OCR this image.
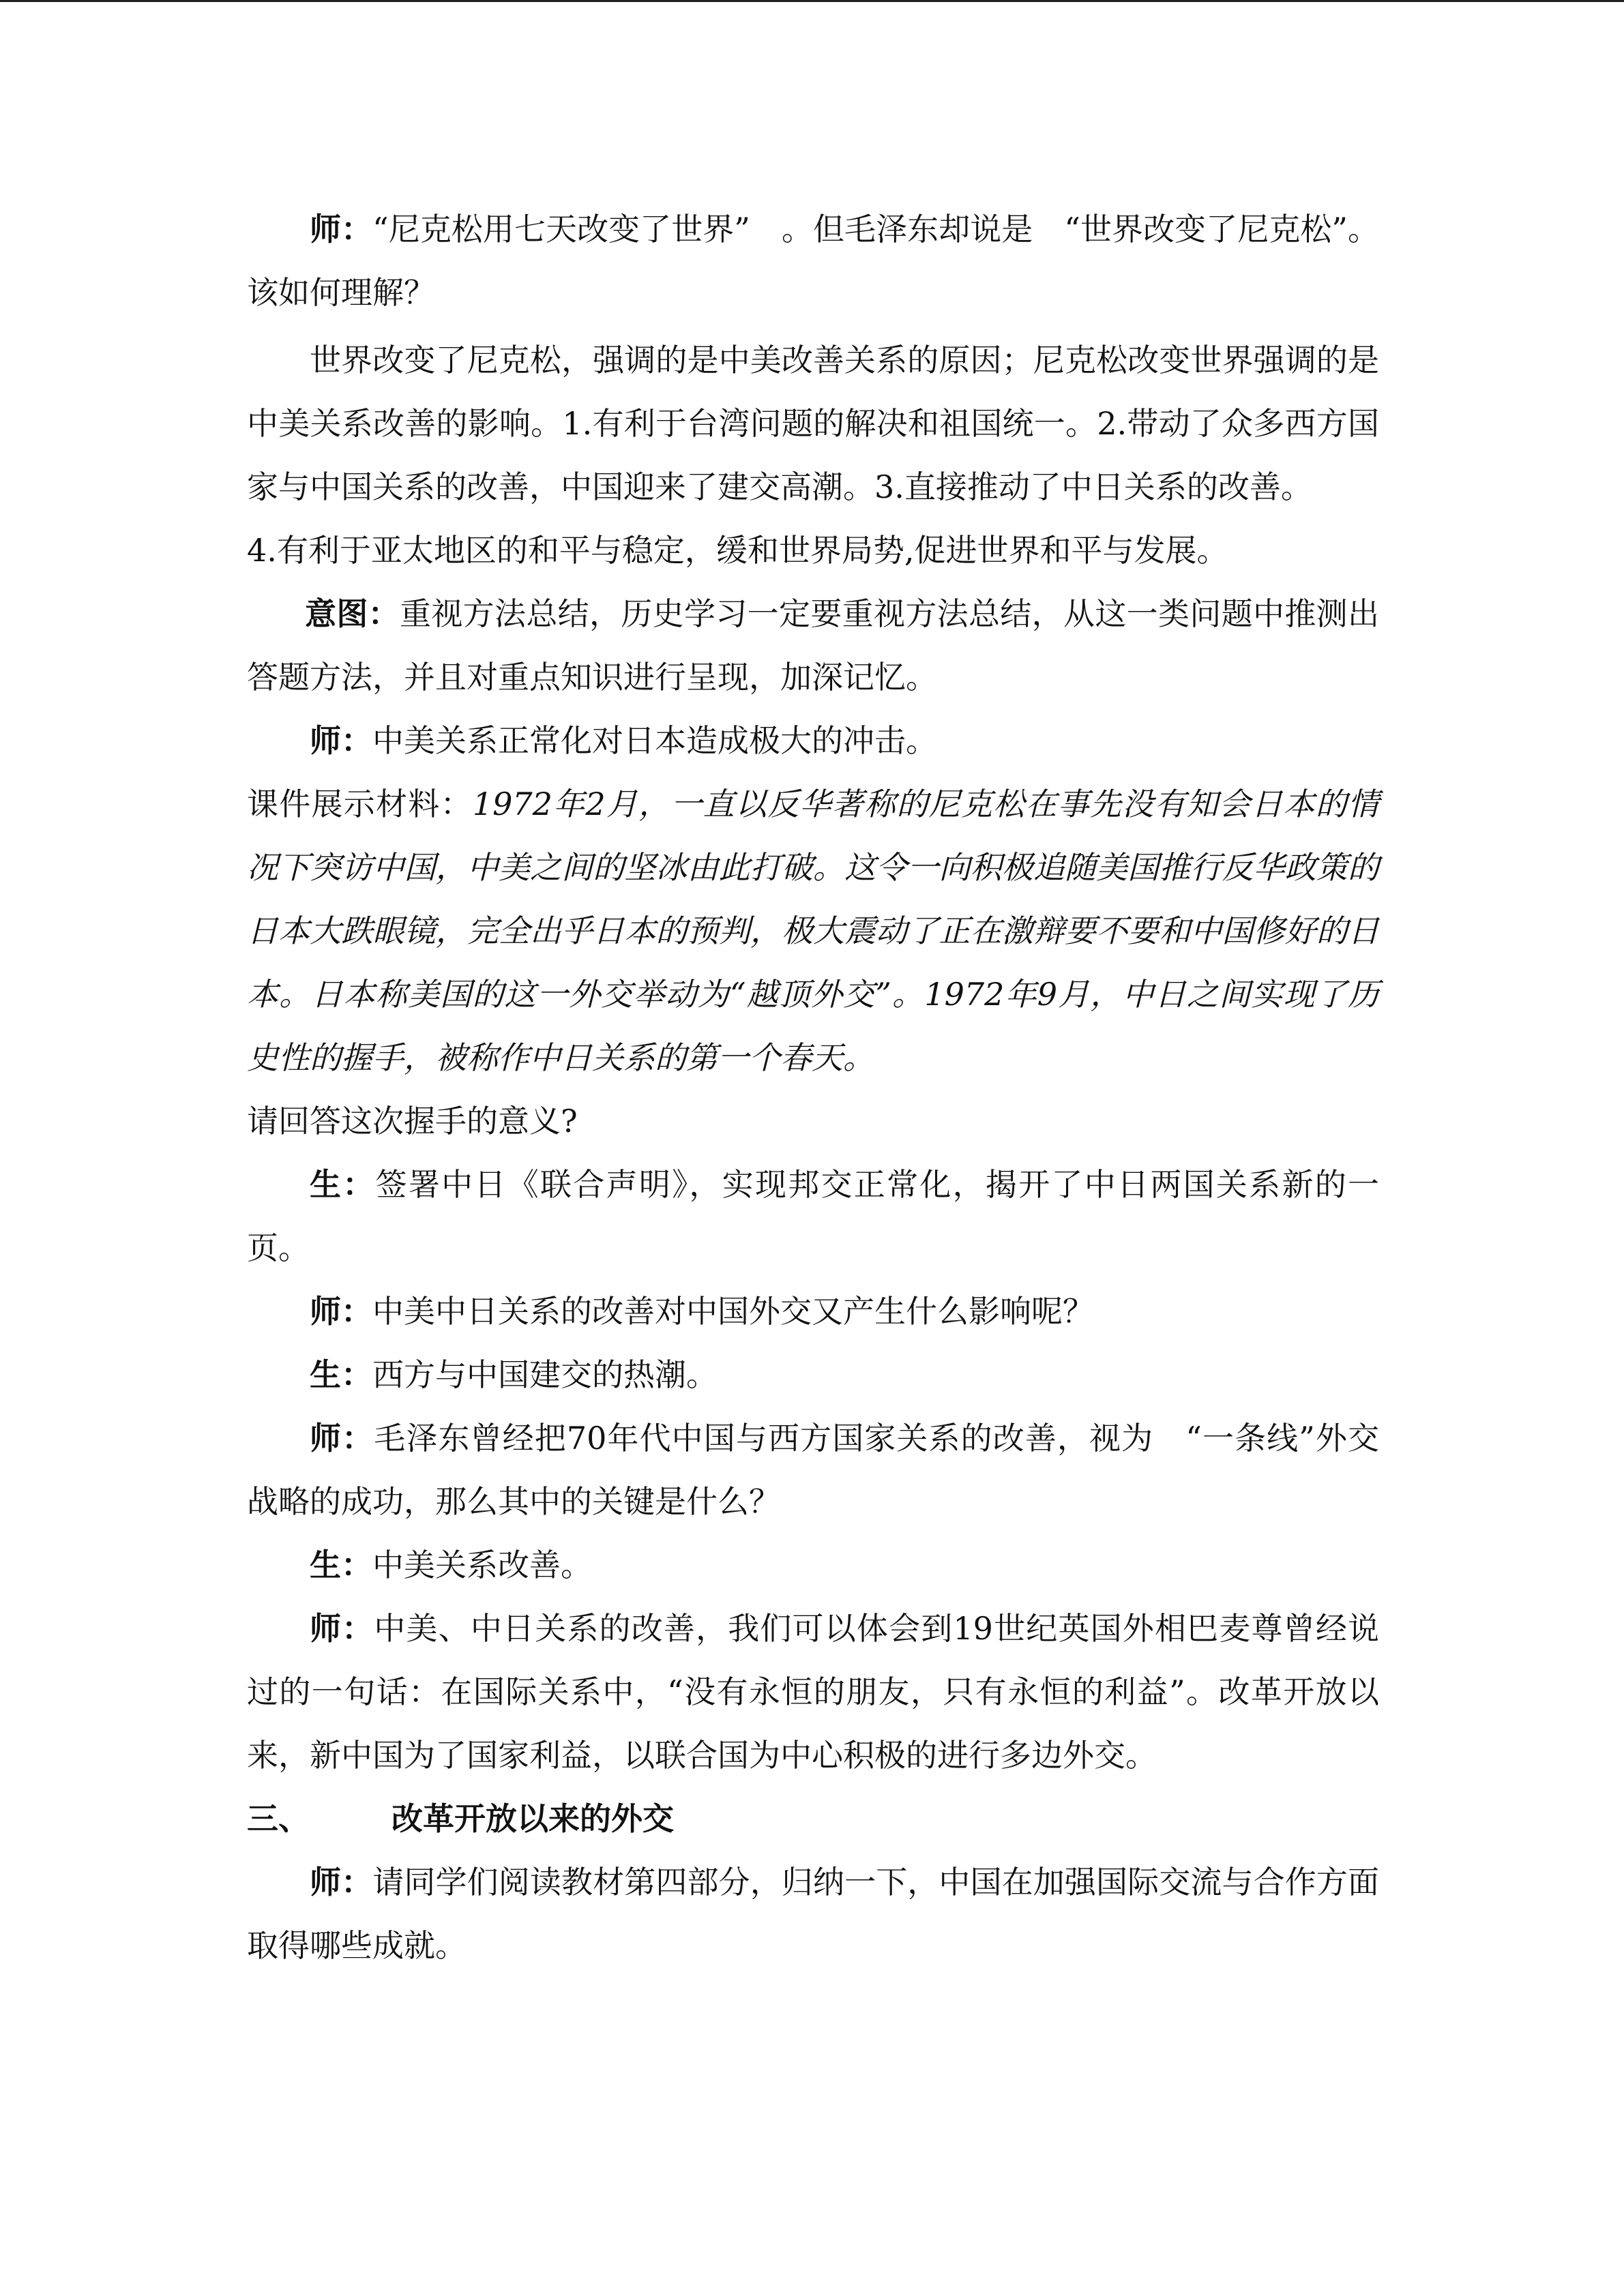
师：“尼克松用七天改变了世界”　。但毛泽东却说是　“世界改变了尼克松”。该如何理解？

世界改变了尼克松，强调的是中美改善关系的原因；尼克松改变世界强调的是中美关系改善的影响。1.有利于台湾问题的解决和祖国统一。2.带动了众多西方国家与中国关系的改善，中国迎来了建交高潮。3.直接推动了中日关系的改善。

4.有利于亚太地区的和平与稳定，缓和世界局势,促进世界和平与发展。

意图：重视方法总结，历史学习一定要重视方法总结，从这一类问题中推测出答题方法，并且对重点知识进行呈现，加深记忆。

师：中美关系正常化对日本造成极大的冲击。

课件展示材料：1972年2月，一直以反华著称的尼克松在事先没有知会日本的情况下突访中国，中美之间的坚冰由此打破。这令一向积极追随美国推行反华政策的日本大跌眼镜，完全出乎日本的预判，极大震动了正在激辩要不要和中国修好的日本。日本称美国的这一外交举动为“越顶外交”。1972年9月，中日之间实现了历史性的握手，被称作中日关系的第一个春天。

请回答这次握手的意义?

生：签署中日《联合声明》，实现邦交正常化，揭开了中日两国关系新的一页。

师：中美中日关系的改善对中国外交又产生什么影响呢？

生：西方与中国建交的热潮。

师：毛泽东曾经把70年代中国与西方国家关系的改善，视为　“一条线”外交战略的成功，那么其中的关键是什么？

生：中美关系改善。

师：中美、中日关系的改善，我们可以体会到19世纪英国外相巴麦尊曾经说过的一句话：在国际关系中，“没有永恒的朋友，只有永恒的利益”。改革开放以来，新中国为了国家利益，以联合国为中心积极的进行多边外交。

三、	改革开放以来的外交

师：请同学们阅读教材第四部分，归纳一下，中国在加强国际交流与合作方面取得哪些成就。
